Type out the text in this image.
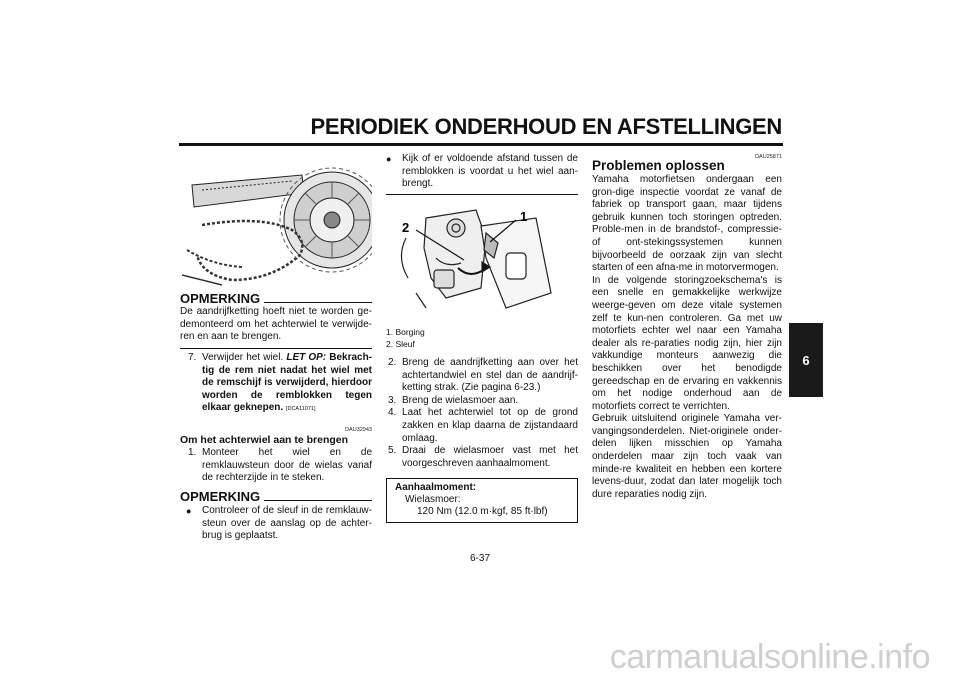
PERIODIEK ONDERHOUD EN AFSTELLINGEN
6
OPMERKING
De aandrijfketting hoeft niet te worden ge-demonteerd om het achterwiel te verwijde-ren en aan te brengen.
7. Verwijder het wiel. LET OP: Bekrach-tig de rem niet nadat het wiel met de remschijf is verwijderd, hierdoor worden de remblokken tegen elkaar geknepen. [DCA11071]
DAU32943
Om het achterwiel aan te brengen
1. Monteer het wiel en de remklauwsteun door de wielas vanaf de rechterzijde in te steken.
OPMERKING
●	Controleer of de sleuf in de remklauw-steun over de aanslag op de achter-brug is geplaatst.
●	Kijk of er voldoende afstand tussen de remblokken is voordat u het wiel aan-brengt.
2
1
1. Borging
2. Sleuf
2. Breng de aandrijfketting aan over het achtertandwiel en stel dan de aandrijf-ketting strak. (Zie pagina 6-23.)
3. Breng de wielasmoer aan.
4. Laat het achterwiel tot op de grond zakken en klap daarna de zijstandaard omlaag.
5. Draai de wielasmoer vast met het voorgeschreven aanhaalmoment.
Aanhaalmoment:
Wielasmoer:
120 Nm (12.0 m·kgf, 85 ft·lbf)
DAU25871
Problemen oplossen
Yamaha motorfietsen ondergaan een gron-dige inspectie voordat ze vanaf de fabriek op transport gaan, maar tijdens gebruik kunnen toch storingen optreden. Proble-men in de brandstof-, compressie- of ont-stekingssystemen kunnen bijvoorbeeld de oorzaak zijn van slecht starten of een afna-me in motorvermogen.
In de volgende storingzoekschema's is een snelle en gemakkelijke werkwijze weerge-geven om deze vitale systemen zelf te kun-nen controleren. Ga met uw motorfiets echter wel naar een Yamaha dealer als re-paraties nodig zijn, hier zijn vakkundige monteurs aanwezig die beschikken over het benodigde gereedschap en de ervaring en vakkennis om het nodige onderhoud aan de motorfiets correct te verrichten.
Gebruik uitsluitend originele Yamaha ver-vangingsonderdelen. Niet-originele onder-delen lijken misschien op Yamaha onderdelen maar zijn toch vaak van minde-re kwaliteit en hebben een kortere levens-duur, zodat dan later mogelijk toch dure reparaties nodig zijn.
6-37
carmanualsonline.info
